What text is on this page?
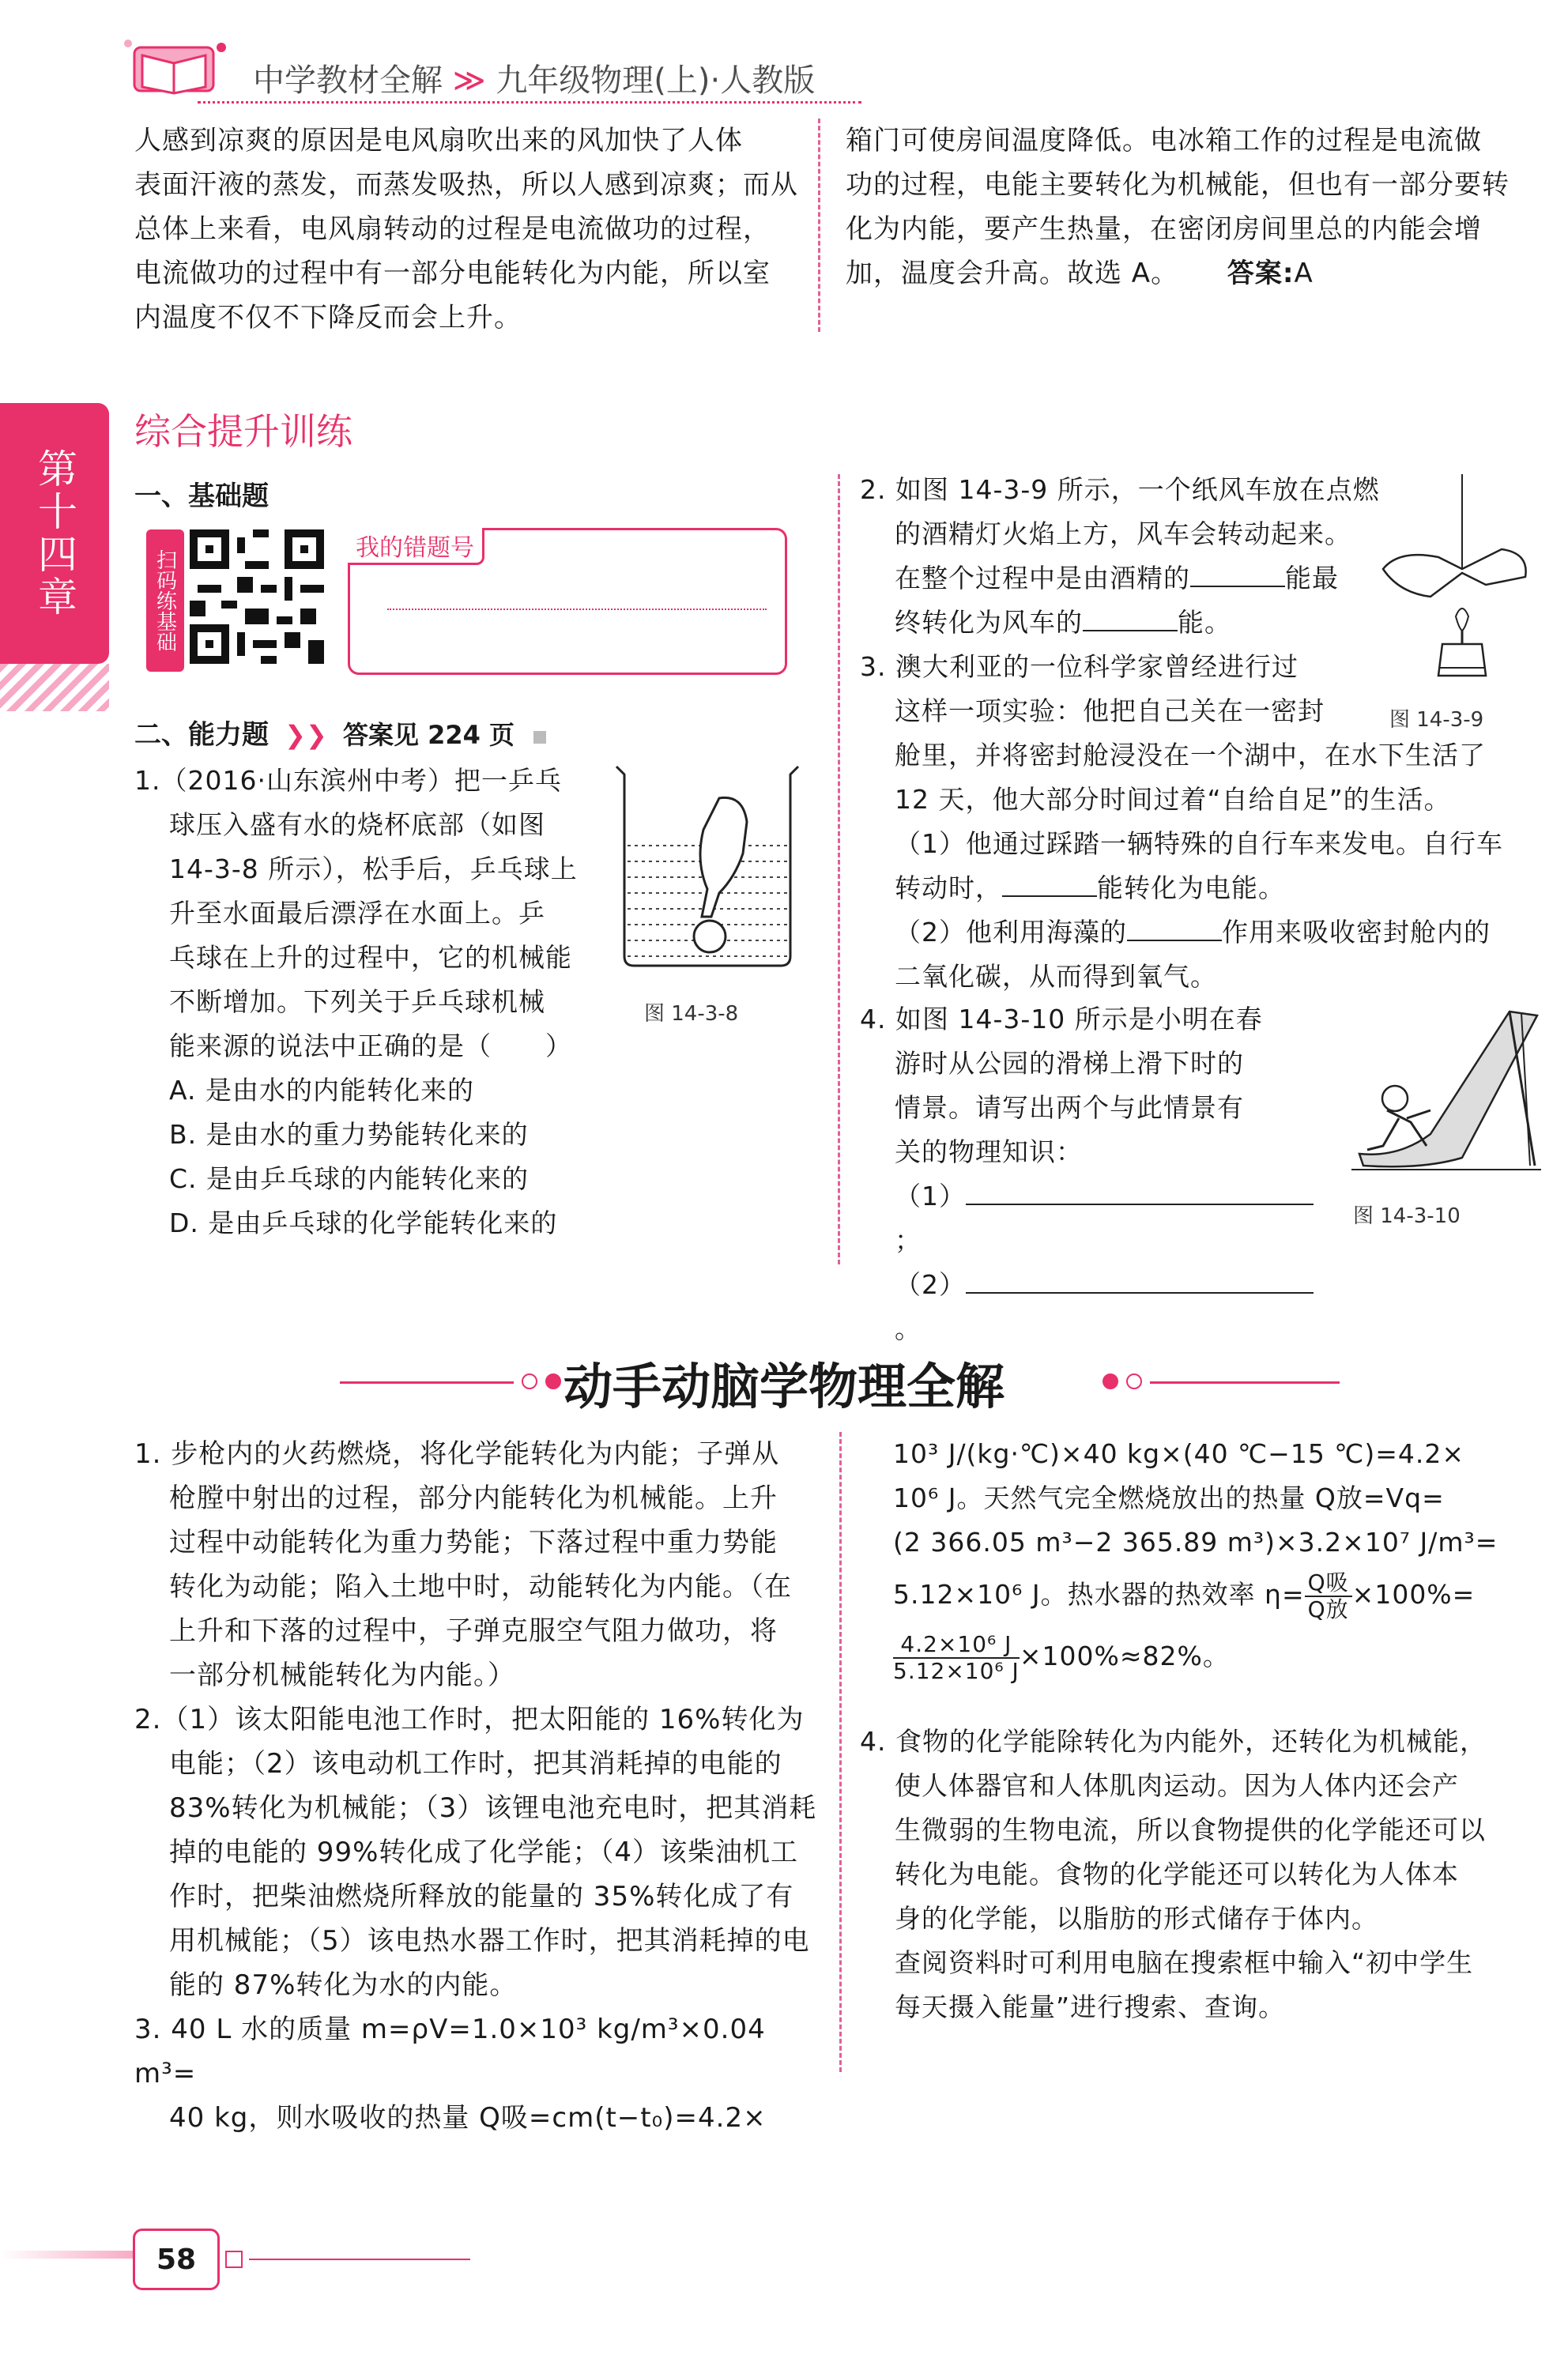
中学教材全解 ≫ 九年级物理(上)·人教版

人感到凉爽的原因是电风扇吹出来的风加快了人体

表面汗液的蒸发，而蒸发吸热，所以人感到凉爽；而从

总体上来看，电风扇转动的过程是电流做功的过程，

电流做功的过程中有一部分电能转化为内能，所以室

内温度不仅不下降反而会上升。

箱门可使房间温度降低。电冰箱工作的过程是电流做

功的过程，电能主要转化为机械能，但也有一部分要转

化为内能，要产生热量，在密闭房间里总的内能会增

加，温度会升高。故选 A。 答案:A

第十四章
综合提升训练
一、基础题
扫码练基础
我的错题号
二、能力题 ❯❯ 答案见 224 页

1.（2016·山东滨州中考）把一乒乓

球压入盛有水的烧杯底部（如图

14-3-8 所示），松手后，乒乓球上

升至水面最后漂浮在水面上。乒

乓球在上升的过程中，它的机械能

不断增加。下列关于乒乓球机械

能来源的说法中正确的是（　　）

A. 是由水的内能转化来的

B. 是由水的重力势能转化来的

C. 是由乒乓球的内能转化来的

D. 是由乒乓球的化学能转化来的

图 14-3-8

2. 如图 14-3-9 所示，一个纸风车放在点燃

的酒精灯火焰上方，风车会转动起来。

在整个过程中是由酒精的	能最

终转化为风车的	能。

图 14-3-9

3. 澳大利亚的一位科学家曾经进行过

这样一项实验：他把自己关在一密封

舱里，并将密封舱浸没在一个湖中，在水下生活了

12 天，他大部分时间过着“自给自足”的生活。

（1）他通过踩踏一辆特殊的自行车来发电。自行车

转动时，	能转化为电能。

（2）他利用海藻的	作用来吸收密封舱内的

二氧化碳，从而得到氧气。

4. 如图 14-3-10 所示是小明在春

游时从公园的滑梯上滑下时的

情景。请写出两个与此情景有

关的物理知识：

（1）；

（2）。

图 14-3-10
动手动脑学物理全解

1. 步枪内的火药燃烧，将化学能转化为内能；子弹从

枪膛中射出的过程，部分内能转化为机械能。上升

过程中动能转化为重力势能；下落过程中重力势能

转化为动能；陷入土地中时，动能转化为内能。（在

上升和下落的过程中，子弹克服空气阻力做功，将

一部分机械能转化为内能。）

2.（1）该太阳能电池工作时，把太阳能的 16%转化为

电能；（2）该电动机工作时，把其消耗掉的电能的

83%转化为机械能；（3）该锂电池充电时，把其消耗

掉的电能的 99%转化成了化学能；（4）该柴油机工

作时，把柴油燃烧所释放的能量的 35%转化成了有

用机械能；（5）该电热水器工作时，把其消耗掉的电

能的 87%转化为水的内能。

3. 40 L 水的质量 m=ρV=1.0×10³ kg/m³×0.04 m³=

40 kg，则水吸收的热量 Q吸=cm(t−t₀)=4.2×

10³ J/(kg·℃)×40 kg×(40 ℃−15 ℃)=4.2×

10⁶ J。天然气完全燃烧放出的热量 Q放=Vq=

(2 366.05 m³−2 365.89 m³)×3.2×10⁷ J/m³=

5.12×10⁶ J。热水器的热效率 $\eta= \frac{\text{Q吸}}{\text{Q放}} \times 100\%=$

$\frac{\text{4.2×10⁶ J}}{\text{5.12×10⁶ J}} \times 100\%\approx 82\%$。

4. 食物的化学能除转化为内能外，还转化为机械能，

使人体器官和人体肌肉运动。因为人体内还会产

生微弱的生物电流，所以食物提供的化学能还可以

转化为电能。食物的化学能还可以转化为人体本

身的化学能，以脂肪的形式储存于体内。

查阅资料时可利用电脑在搜索框中输入“初中学生

每天摄入能量”进行搜索、查询。

58
